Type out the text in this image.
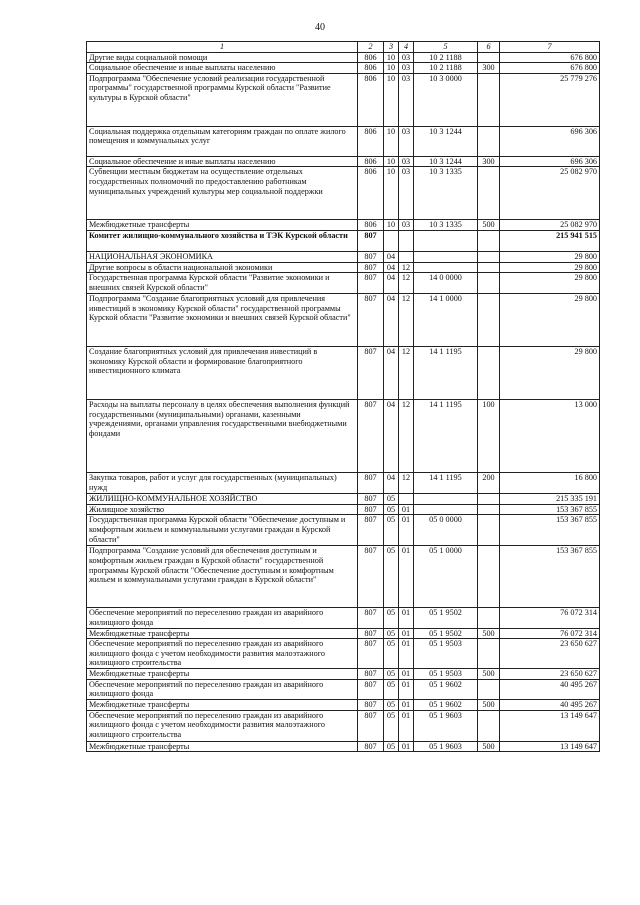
40
1	2	3	4	5	6	7
Другие виды социальной помощи	806	10	03	10 2 1188		676 800
Социальное обеспечение и иные выплаты населению	806	10	03	10 2 1188	300	676 800
Подпрограмма "Обеспечение условий реализации государственной программы" государственной программы Курской области "Развитие культуры в Курской области"	806	10	03	10 3 0000		25 779 276
Социальная поддержка отдельным категориям граждан по оплате жилого помещения и коммунальных услуг	806	10	03	10 3 1244		696 306
Социальное обеспечение и иные выплаты населению	806	10	03	10 3 1244	300	696 306
Субвенции местным бюджетам на осуществление отдельных государственных полномочий по предоставлению работникам муниципальных учреждений культуры мер социальной поддержки	806	10	03	10 3 1335		25 082 970
Межбюджетные трансферты	806	10	03	10 3 1335	500	25 082 970
Комитет жилищно-коммунального хозяйства и ТЭК Курской области	807					215 941 515
НАЦИОНАЛЬНАЯ ЭКОНОМИКА	807	04				29 800
Другие вопросы в области национальной экономики	807	04	12			29 800
Государственная программа Курской области "Развитие экономики и внешних связей Курской области"	807	04	12	14 0 0000		29 800
Подпрограмма "Создание благоприятных условий для привлечения инвестиций в экономику Курской области" государственной программы Курской области "Развитие экономики и внешних связей Курской области"	807	04	12	14 1 0000		29 800
Создание благоприятных условий для привлечения инвестиций в экономику Курской области и формирование благоприятного инвестиционного климата	807	04	12	14 1 1195		29 800
Расходы на выплаты персоналу в целях обеспечения выполнения функций государственными (муниципальными) органами, казенными учреждениями, органами управления государственными внебюджетными фондами	807	04	12	14 1 1195	100	13 000
Закупка товаров, работ и услуг для государственных (муниципальных) нужд	807	04	12	14 1 1195	200	16 800
ЖИЛИЩНО-КОММУНАЛЬНОЕ ХОЗЯЙСТВО	807	05				215 335 191
Жилищное хозяйство	807	05	01			153 367 855
Государственная программа Курской области "Обеспечение доступным и комфортным жильем и коммунальными услугами граждан в Курской области"	807	05	01	05 0 0000		153 367 855
Подпрограмма "Создание условий для обеспечения доступным и комфортным жильем граждан в Курской области" государственной программы Курской области "Обеспечение доступным и комфортным жильем и коммунальными услугами граждан в Курской области"	807	05	01	05 1 0000		153 367 855
Обеспечение мероприятий по переселению граждан из аварийного жилищного фонда	807	05	01	05 1 9502		76 072 314
Межбюджетные трансферты	807	05	01	05 1 9502	500	76 072 314
Обеспечение мероприятий по переселению граждан из аварийного жилищного фонда с учетом необходимости развития малоэтажного жилищного строительства	807	05	01	05 1 9503		23 650 627
Межбюджетные трансферты	807	05	01	05 1 9503	500	23 650 627
Обеспечение мероприятий по переселению граждан из аварийного жилищного фонда	807	05	01	05 1 9602		40 495 267
Межбюджетные трансферты	807	05	01	05 1 9602	500	40 495 267
Обеспечение мероприятий по переселению граждан из аварийного жилищного фонда с учетом необходимости развития малоэтажного жилищного строительства	807	05	01	05 1 9603		13 149 647
Межбюджетные трансферты	807	05	01	05 1 9603	500	13 149 647
